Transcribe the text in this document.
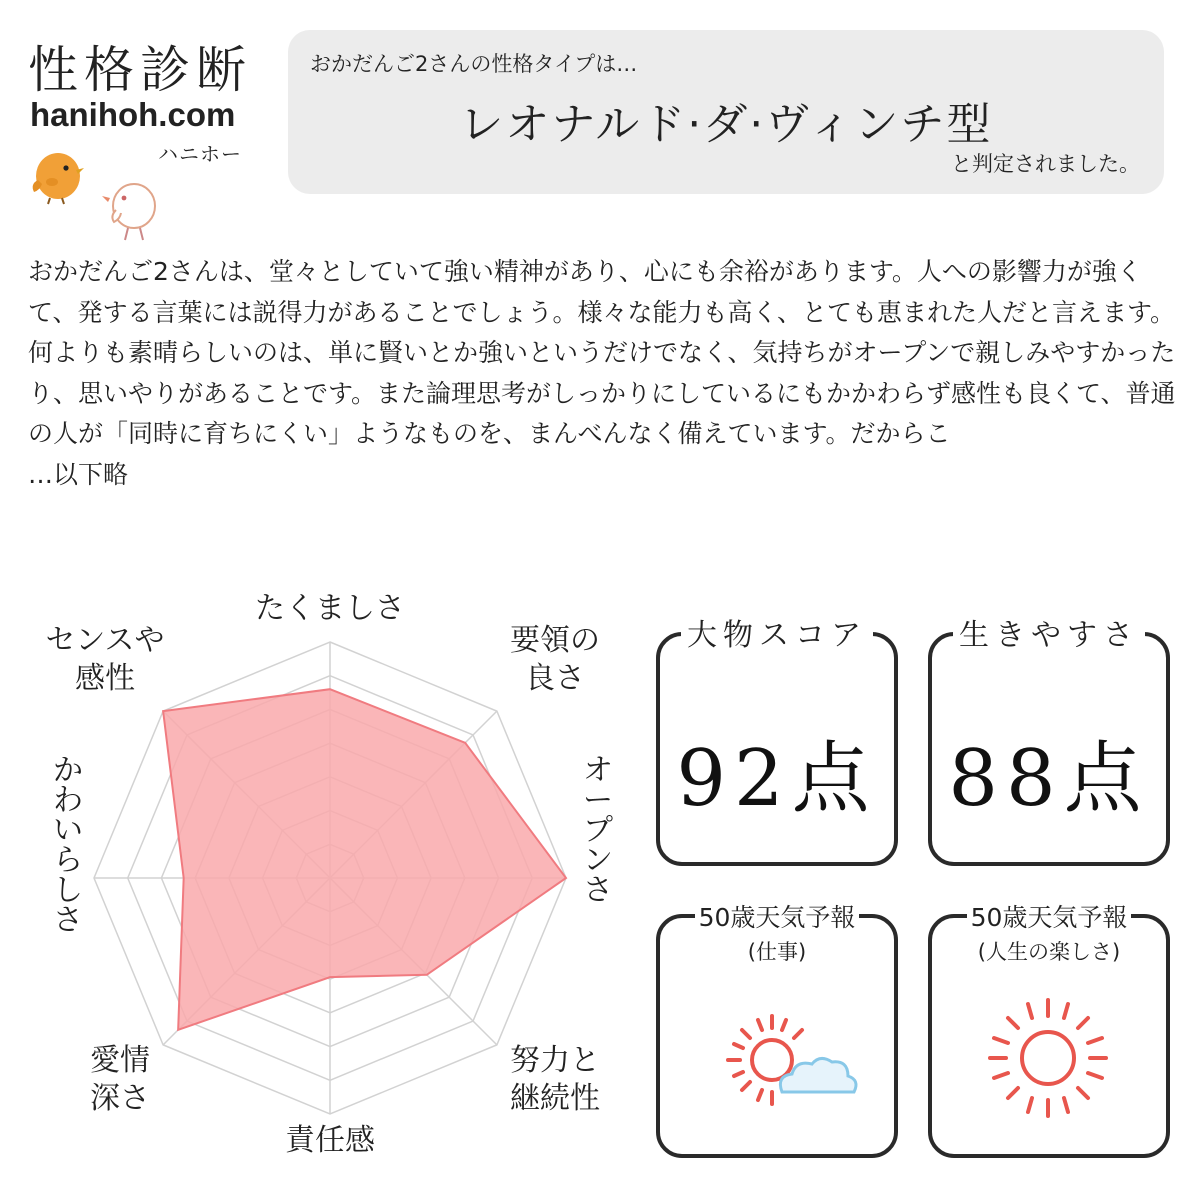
性格診断
hanihoh.com
ハニホー
おかだんご2さんの性格タイプは…
レオナルド·ダ·ヴィンチ型
と判定されました。

おかだんご2さんは、堂々としていて強い精神があり、心にも余裕があります。人への影響力が強くて、発する言葉には説得力があることでしょう。様々な能力も高く、とても恵まれた人だと言えます。

何よりも素晴らしいのは、単に賢いとか強いというだけでなく、気持ちがオープンで親しみやすかったり、思いやりがあることです。また論理思考がしっかりにしているにもかかわらず感性も良くて、普通の人が「同時に育ちにくい」ようなものを、まんべんなく備えています。だからこ

…以下略

たくましさ
要領の良さ
オープンさ
努力と継続性
責任感
愛情深さ
かわいらしさ
センスや感性
大物スコア
92点
生きやすさ
88点
50歳天気予報
(仕事)
50歳天気予報
(人生の楽しさ)
